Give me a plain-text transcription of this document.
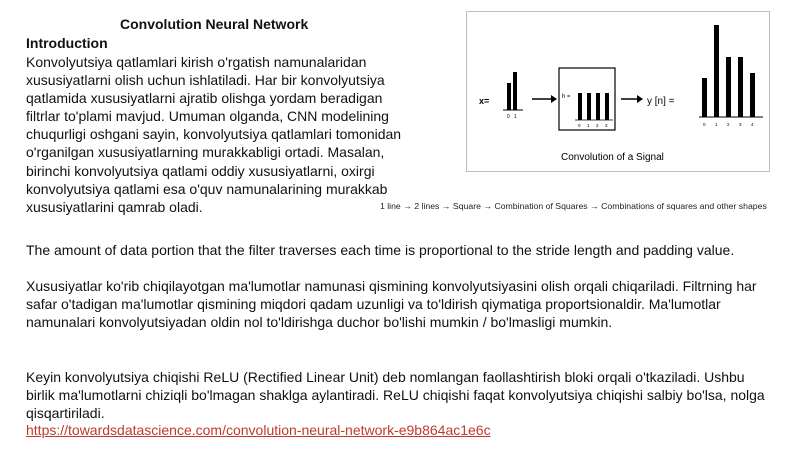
Convolution Neural Network
Introduction
Konvolyutsiya qatlamlari kirish o'rgatish namunalaridan xususiyatlarni olish uchun ishlatiladi. Har bir konvolyutsiya qatlamida xususiyatlarni ajratib olishga yordam beradigan filtrlar to'plami mavjud. Umuman olganda, CNN modelining chuqurligi oshgani sayin, konvolyutsiya qatlamlari tomonidan o'rganilgan xususiyatlarning murakkabligi ortadi. Masalan, birinchi konvolyutsiya qatlami oddiy xususiyatlarni, oxirgi konvolyutsiya qatlami esa o'quv namunalarining murakkab xususiyatlarini qamrab oladi.
x=
0 1
h =
0 1 2 3
y [n] =
0 1 2 3 4
Convolution of a Signal
1 line → 2 lines → Square → Combination of Squares → Combinations of squares and other shapes
The amount of data portion that the filter traverses each time is proportional to the stride length and padding value.
Xususiyatlar ko'rib chiqilayotgan ma'lumotlar namunasi qismining konvolyutsiyasini olish orqali chiqariladi. Filtrning har safar o'tadigan ma'lumotlar qismining miqdori qadam uzunligi va to'ldirish qiymatiga proportsionaldir. Ma'lumotlar namunalari konvolyutsiyadan oldin nol to'ldirishga duchor bo'lishi mumkin / bo'lmasligi mumkin.
Keyin konvolyutsiya chiqishi ReLU (Rectified Linear Unit) deb nomlangan faollashtirish bloki orqali o'tkaziladi. Ushbu birlik ma'lumotlarni chiziqli bo'lmagan shaklga aylantiradi. ReLU chiqishi faqat konvolyutsiya chiqishi salbiy bo'lsa, nolga qisqartiriladi.
https://towardsdatascience.com/convolution-neural-network-e9b864ac1e6c
